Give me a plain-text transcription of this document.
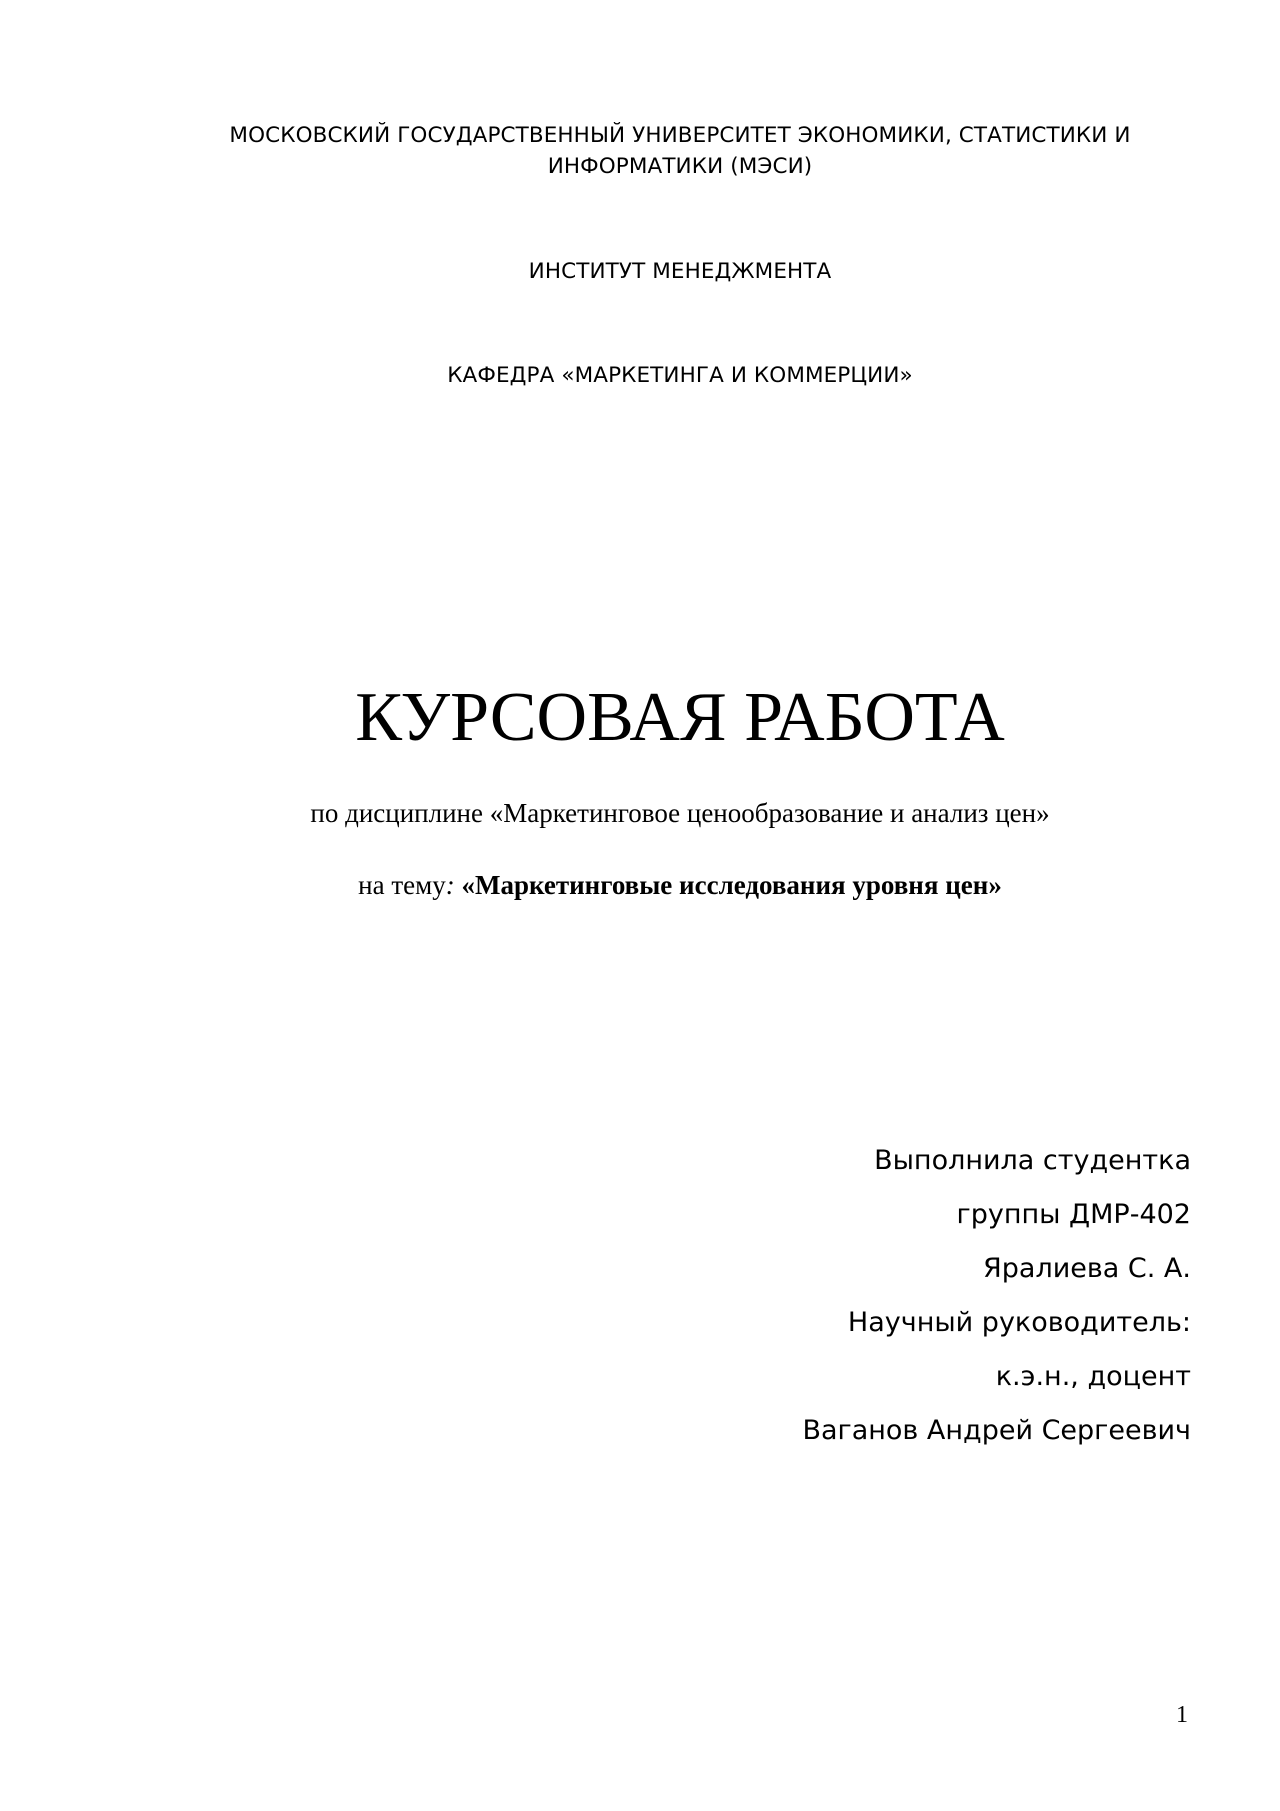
МОСКОВСКИЙ ГОСУДАРСТВЕННЫЙ УНИВЕРСИТЕТ ЭКОНОМИКИ, СТАТИСТИКИ И ИНФОРМАТИКИ (МЭСИ)
ИНСТИТУТ МЕНЕДЖМЕНТА
КАФЕДРА «МАРКЕТИНГА И КОММЕРЦИИ»
КУРСОВАЯ РАБОТА
по дисциплине «Маркетинговое ценообразование и анализ цен»
на тему: «Маркетинговые исследования уровня цен»
Выполнила студентка
группы ДМР-402
Яралиева С. А.
Научный руководитель:
к.э.н., доцент
Ваганов Андрей Сергеевич
1
